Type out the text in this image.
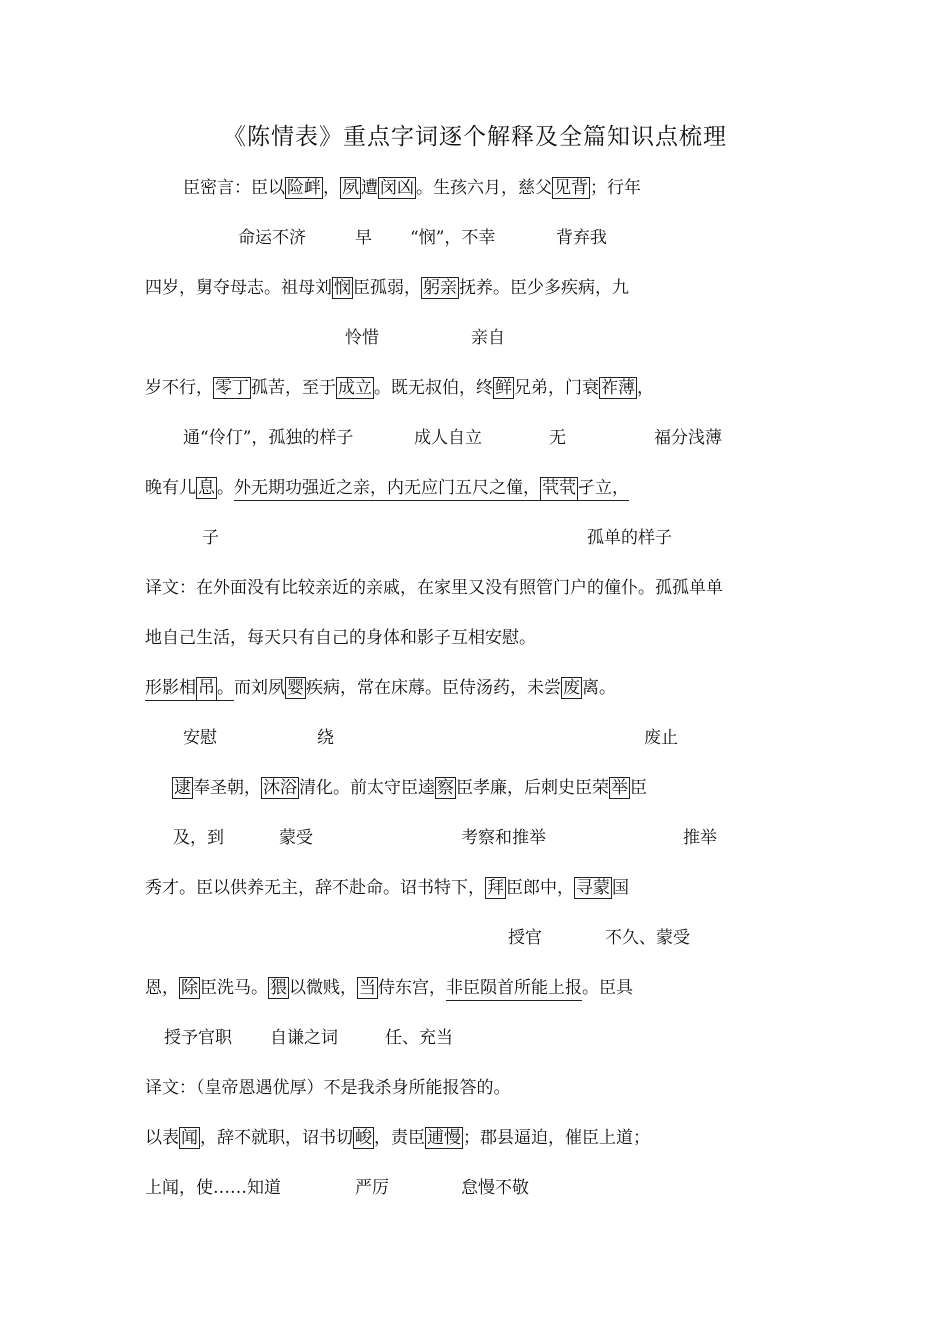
《陈情表》重点字词逐个解释及全篇知识点梳理
臣密言：臣以 险衅 ， 夙 遭 闵凶 。生孩六月，慈父 见背 ；行年
四岁，舅夺母志。祖母刘 悯 臣孤弱， 躬亲 抚养。臣少多疾病，九
岁不行， 零丁 孤苦，至于 成立 。既无叔伯，终 鲜 兄弟，门衰 祚薄 ，
晚有儿 息 。外无期功强近之亲，内无应门五尺之僮， 茕茕 孑立，
译文：在外面没有比较亲近的亲戚，在家里又没有照管门户的僮仆。孤孤单单
地自己生活，每天只有自己的身体和影子互相安慰。
形影相 吊 。而刘夙 婴 疾病，常在床蓐。臣侍汤药，未尝 废 离。
逮 奉圣朝， 沐浴 清化。前太守臣逵 察 臣孝廉，后刺史臣荣 举 臣
秀才。臣以供养无主，辞不赴命。诏书特下， 拜 臣郎中， 寻蒙 国
恩， 除 臣洗马。 猥 以微贱， 当 侍东宫，非臣陨首所能上报。臣具
译文：（皇帝恩遇优厚）不是我杀身所能报答的。
以表 闻 ，辞不就职，诏书切 峻 ，责臣 逋慢 ；郡县逼迫，催臣上道；
命运不济	早 “悯”，不幸	背弃我
怜惜	亲自
通“伶仃”，孤独的样子	成人自立	无	福分浅薄
子	孤单的样子
安慰	绕	废止
及，到	蒙受	考察和推举	推举
授官	不久、蒙受
授予官职 自谦之词	任、充当
上闻，使……知道	严厉	怠慢不敬
